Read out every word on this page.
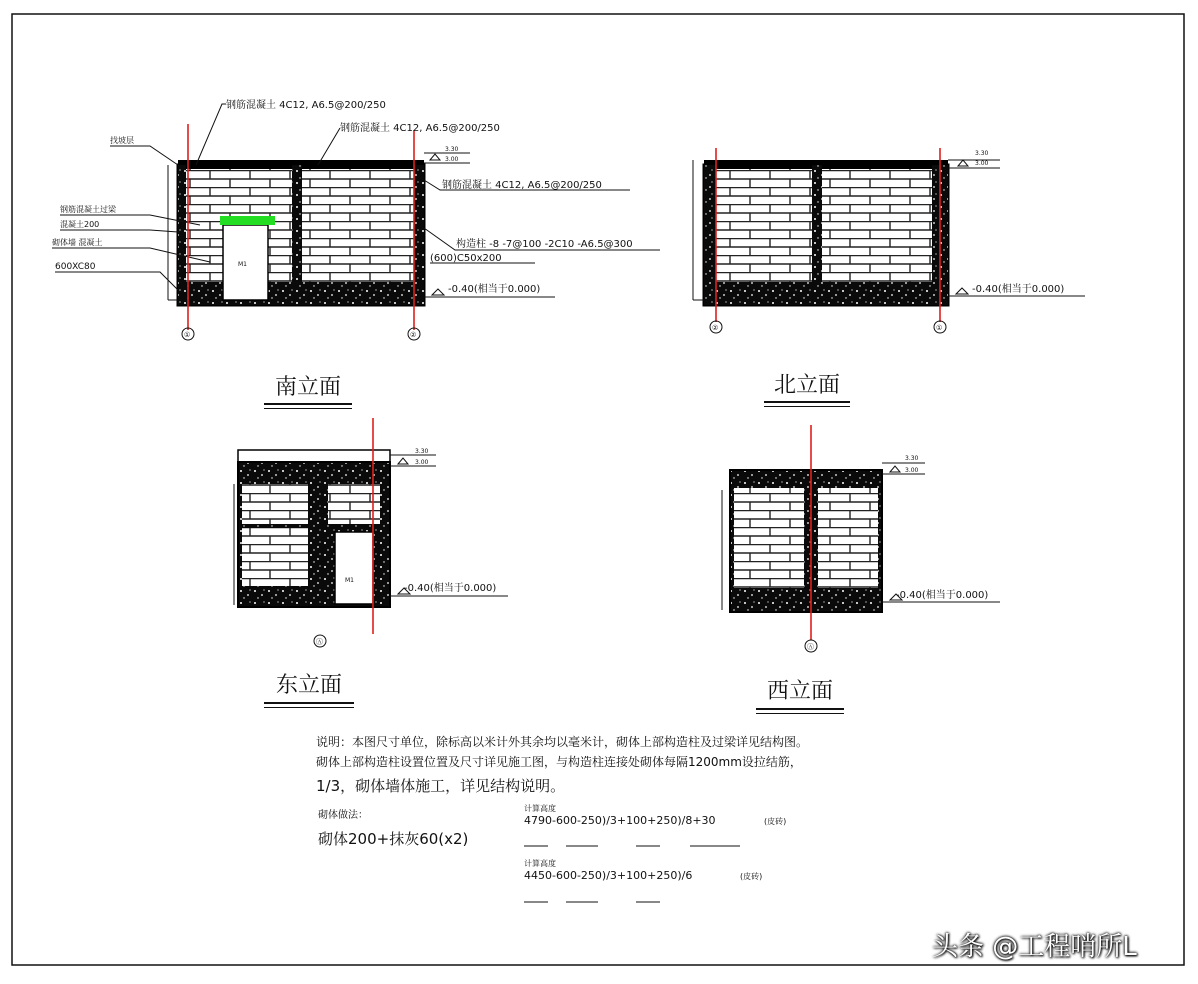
钢筋混凝土 4C12, A6.5@200/250
钢筋混凝土 4C12, A6.5@200/250
找坡层
钢筋混凝土过梁
混凝土200
砌体墙 混凝土
600XC80
钢筋混凝土 4C12, A6.5@200/250
构造柱 -8 -7@100 -2C10 -A6.5@300
(600)C50x200
3.30
3.00
-0.40(相当于0.000)
M1
①	②
3.30
3.00
-0.40(相当于0.000)
②	①
3.30
3.00
-0.40(相当于0.000)
M1
Ⓐ
3.30
3.00
-0.40(相当于0.000)
Ⓐ
南立面	北立面
东立面	西立面
说明：本图尺寸单位，除标高以米计外其余均以毫米计，砌体上部构造柱及过梁详见结构图。
砌体上部构造柱设置位置及尺寸详见施工图，与构造柱连接处砌体每隔1200mm设拉结筋，
1/3，砌体墙体施工，详见结构说明。
砌体做法：
砌体200+抹灰60(x2)
计算高度
4790-600-250)/3+100+250)/8+30	(皮砖)
计算高度
4450-600-250)/3+100+250)/6	(皮砖)
头条 @工程哨所L
